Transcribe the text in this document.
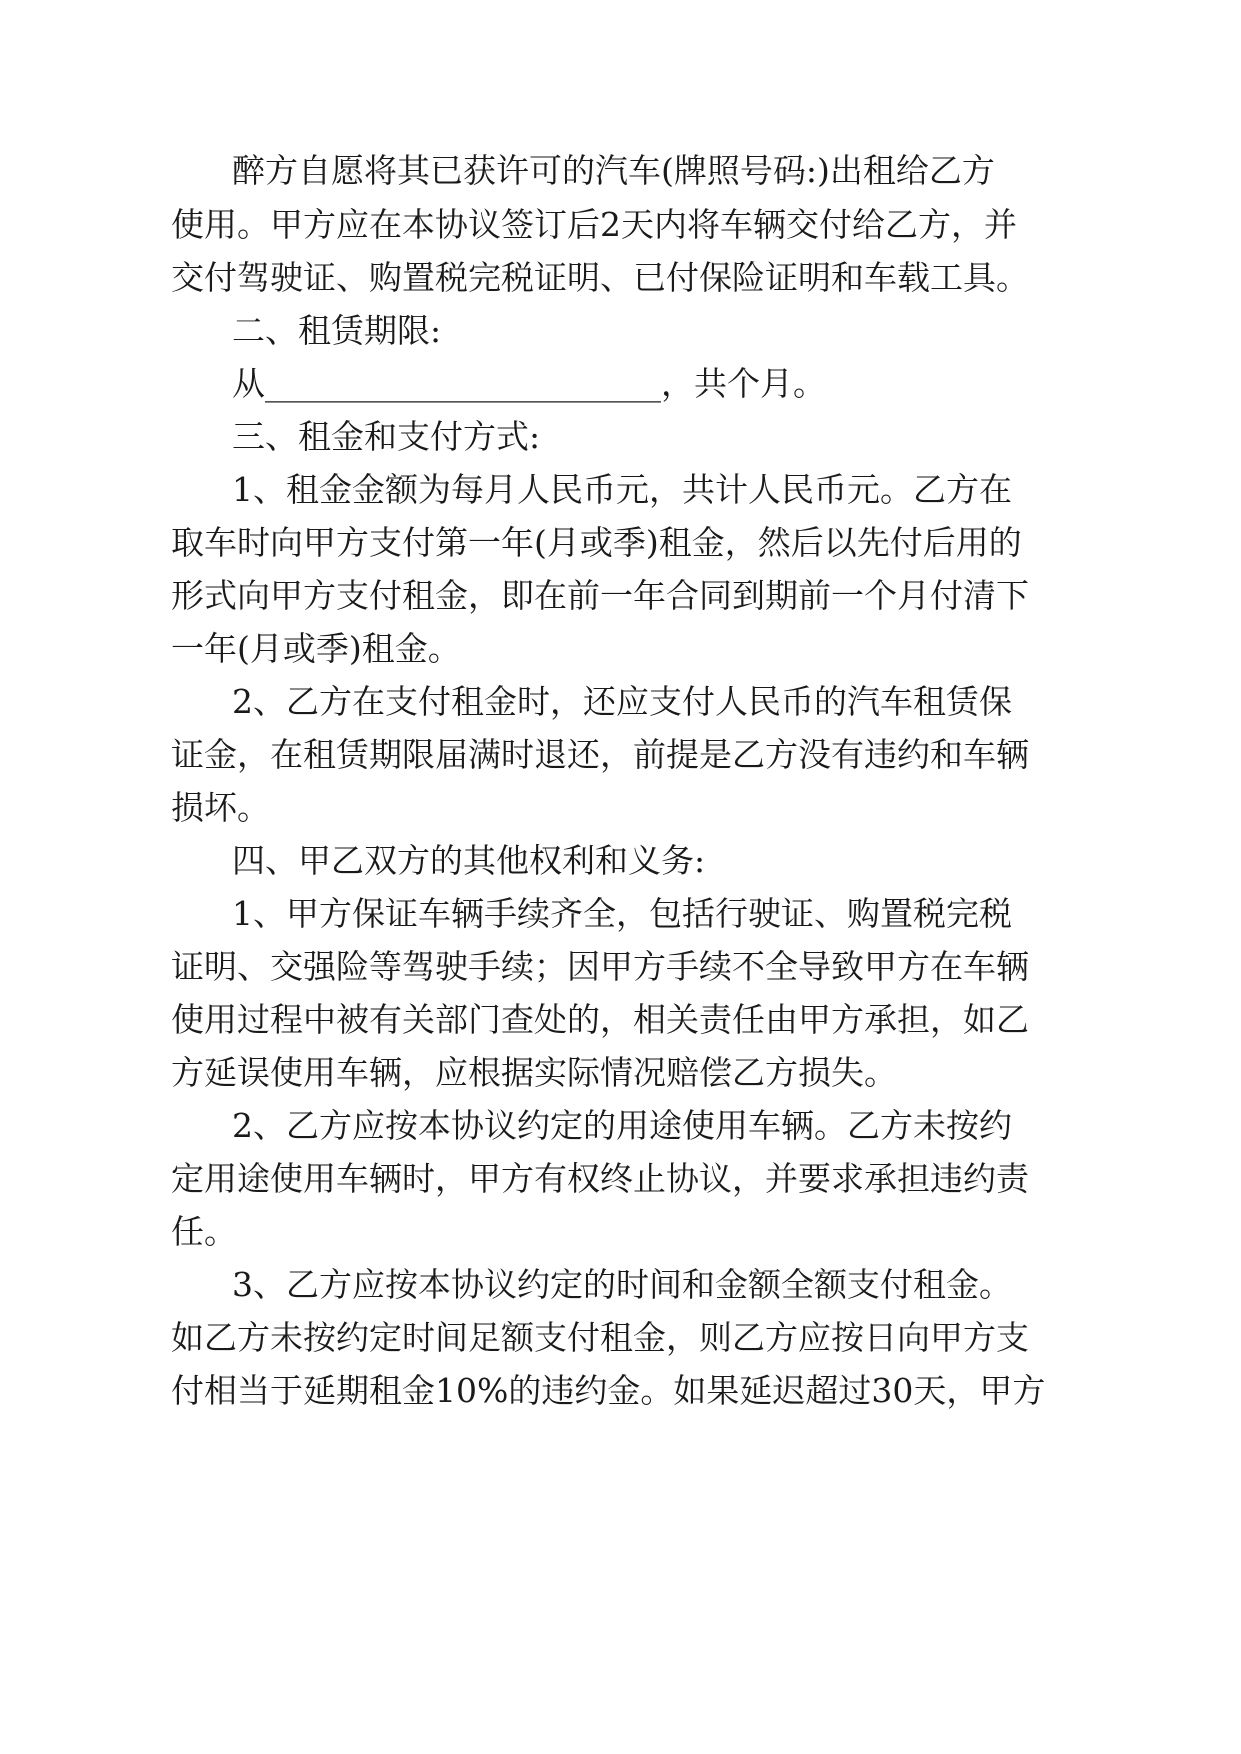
醉方自愿将其已获许可的汽车(牌照号码:)出租给乙方
使用。甲方应在本协议签订后2天内将车辆交付给乙方，并
交付驾驶证、购置税完税证明、已付保险证明和车载工具。
二、租赁期限:
从________________________，共个月。
三、租金和支付方式:
1、租金金额为每月人民币元，共计人民币元。乙方在
取车时向甲方支付第一年(月或季)租金，然后以先付后用的
形式向甲方支付租金，即在前一年合同到期前一个月付清下
一年(月或季)租金。
2、乙方在支付租金时，还应支付人民币的汽车租赁保
证金，在租赁期限届满时退还，前提是乙方没有违约和车辆
损坏。
四、甲乙双方的其他权利和义务:
1、甲方保证车辆手续齐全，包括行驶证、购置税完税
证明、交强险等驾驶手续；因甲方手续不全导致甲方在车辆
使用过程中被有关部门查处的，相关责任由甲方承担，如乙
方延误使用车辆，应根据实际情况赔偿乙方损失。
2、乙方应按本协议约定的用途使用车辆。乙方未按约
定用途使用车辆时，甲方有权终止协议，并要求承担违约责
任。
3、乙方应按本协议约定的时间和金额全额支付租金。
如乙方未按约定时间足额支付租金，则乙方应按日向甲方支
付相当于延期租金10%的违约金。如果延迟超过30天，甲方
